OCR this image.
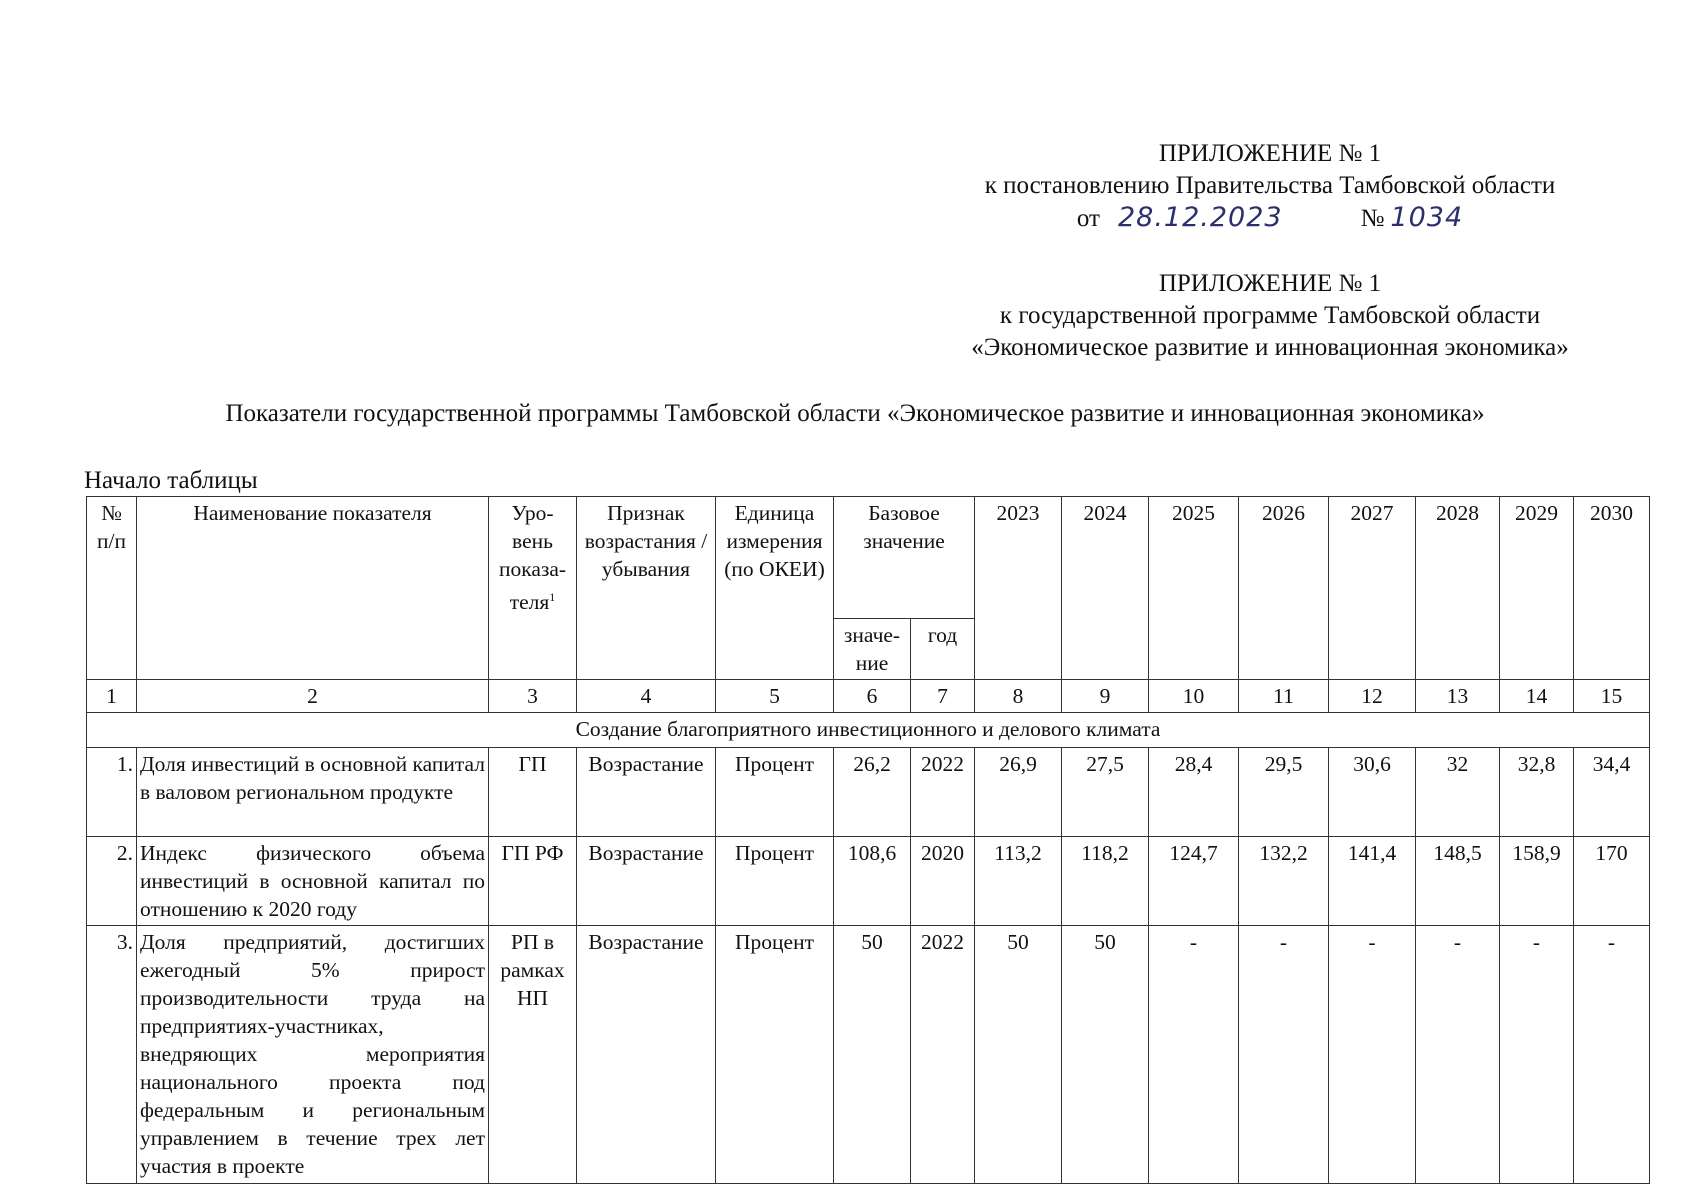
ПРИЛОЖЕНИЕ № 1
к постановлению Правительства Тамбовской области
от 28.12.2023	№ 1034
ПРИЛОЖЕНИЕ № 1
к государственной программе Тамбовской области
«Экономическое развитие и инновационная экономика»
Показатели государственной программы Тамбовской области «Экономическое развитие и инновационная экономика»
Начало таблицы
№ п/п	Наименование показателя	Уро-вень показа-теля$^1$	Признак возрастания / убывания	Единица измерения (по ОКЕИ)	Базовое значение		2023	2024	2025	2026	2027	2028	2029	2030
					значе-ние	год								
1	2	3	4	5	6	7	8	9	10	11	12	13	14	15
Создание благоприятного инвестиционного и делового климата														
1.	Доля инвестиций в основной капитал в валовом региональном продукте	ГП	Возрастание	Процент	26,2	2022	26,9	27,5	28,4	29,5	30,6	32	32,8	34,4
2.	Индекс физического объема инвестиций в основной капитал по отношению к 2020 году	ГП РФ	Возрастание	Процент	108,6	2020	113,2	118,2	124,7	132,2	141,4	148,5	158,9	170
3.	Доля предприятий, достигших ежегодный 5% прирост производительности труда на предприятиях-участниках, внедряющих мероприятия национального проекта под федеральным и региональным управлением в течение трех лет участия в проекте	РП в рамках НП	Возрастание	Процент	50	2022	50	50	-	-	-	-	-	-
